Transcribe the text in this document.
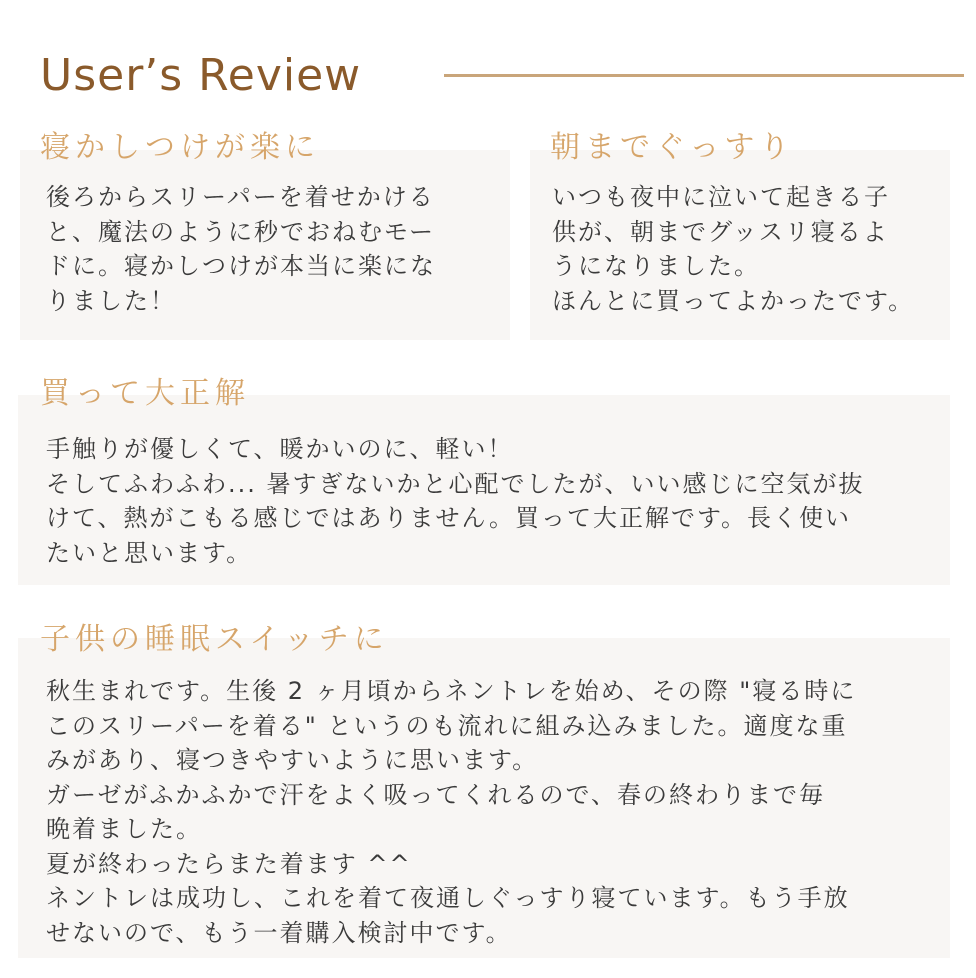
User’s Review
寝かしつけが楽に
後ろからスリーパーを着せかける
と、魔法のように秒でおねむモー
ドに。寝かしつけが本当に楽にな
りました！
朝までぐっすり
いつも夜中に泣いて起きる子
供が、朝までグッスリ寝るよ
うになりました。
ほんとに買ってよかったです。
買って大正解
手触りが優しくて、暖かいのに、軽い！
そしてふわふわ... 暑すぎないかと心配でしたが、いい感じに空気が抜
けて、熱がこもる感じではありません。買って大正解です。長く使い
たいと思います。
子供の睡眠スイッチに
秋生まれです。生後 2 ヶ月頃からネントレを始め、その際 "寝る時に
このスリーパーを着る" というのも流れに組み込みました。適度な重
みがあり、寝つきやすいように思います。
ガーゼがふかふかで汗をよく吸ってくれるので、春の終わりまで毎
晩着ました。
夏が終わったらまた着ます ^^
ネントレは成功し、これを着て夜通しぐっすり寝ています。もう手放
せないので、もう一着購入検討中です。
